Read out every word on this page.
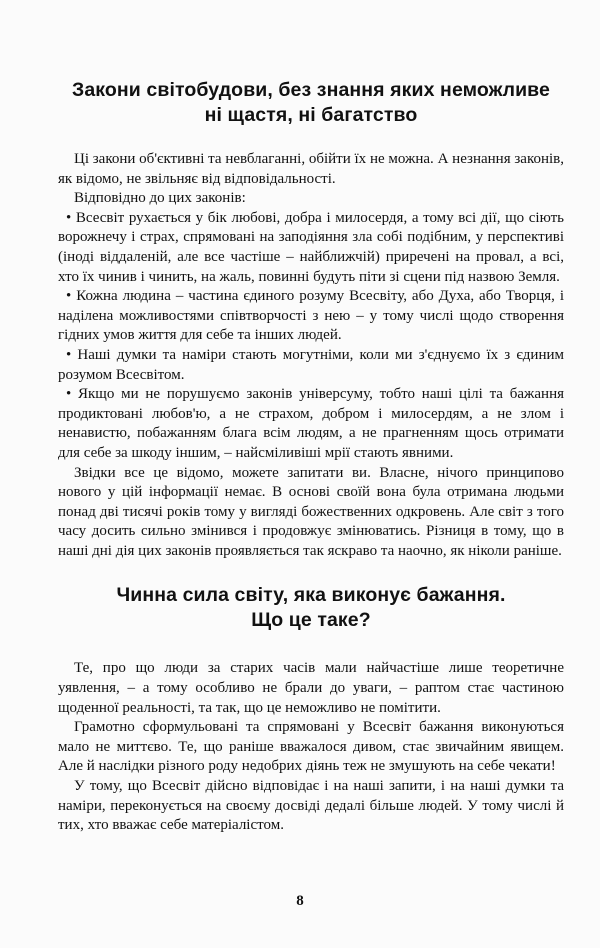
Закони світобудови, без знання яких неможливе
ні щастя, ні багатство

Ці закони об'єктивні та невблаганні, обійти їх не можна. А незнання законів, як відомо, не звільняє від відповідальності.

Відповідно до цих законів:

• Всесвіт рухається у бік любові, добра і милосердя, а тому всі дії, що сіють ворожнечу і страх, спрямовані на заподіяння зла собі подібним, у перспективі (іноді віддаленій, але все частіше – найближчій) приречені на провал, а всі, хто їх чинив і чинить, на жаль, повинні будуть піти зі сцени під назвою Земля.

• Кожна людина – частина єдиного розуму Всесвіту, або Духа, або Творця, і наділена можливостями співтворчості з нею – у тому числі щодо створення гідних умов життя для себе та інших людей.

• Наші думки та наміри стають могутніми, коли ми з'єднуємо їх з єдиним розумом Всесвітом.

• Якщо ми не порушуємо законів універсуму, тобто наші цілі та бажання продиктовані любов'ю, а не страхом, добром і милосердям, а не злом і ненавистю, побажанням блага всім людям, а не прагненням щось отримати для себе за шкоду іншим, – найсміливіші мрії стають явними.

Звідки все це відомо, можете запитати ви. Власне, нічого принципово нового у цій інформації немає. В основі своїй вона була отримана людьми понад дві тисячі років тому у вигляді божественних одкровень. Але світ з того часу досить сильно змінився і продовжує змінюватись. Різниця в тому, що в наші дні дія цих законів проявляється так яскраво та наочно, як ніколи раніше.

Чинна сила світу, яка виконує бажання.
Що це таке?

Те, про що люди за старих часів мали найчастіше лише теоретичне уявлення, – а тому особливо не брали до уваги, – раптом стає частиною щоденної реальності, та так, що це неможливо не помітити.

Грамотно сформульовані та спрямовані у Всесвіт бажання виконуються мало не миттєво. Те, що раніше вважалося дивом, стає звичайним явищем. Але й наслідки різного роду недобрих діянь теж не змушують на себе чекати!

У тому, що Всесвіт дійсно відповідає і на наші запити, і на наші думки та наміри, переконується на своєму досвіді дедалі більше людей. У тому числі й тих, хто вважає себе матеріалістом.

8
